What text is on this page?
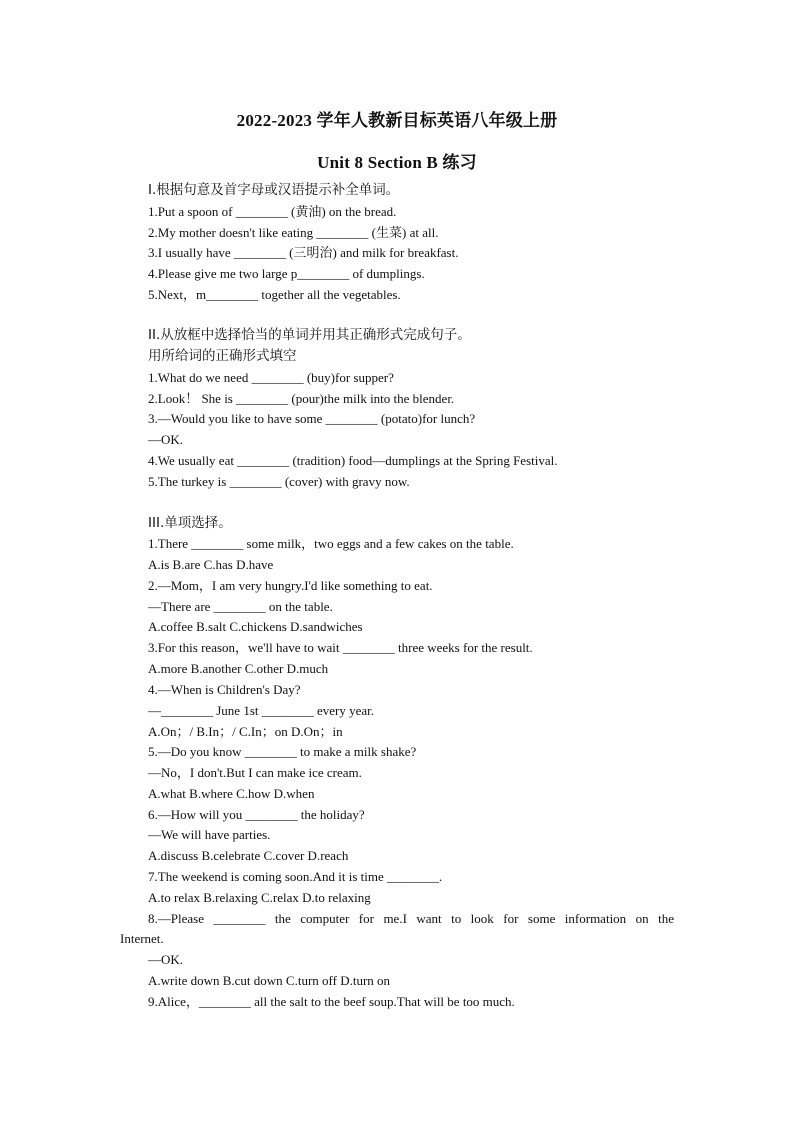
2022-2023 学年人教新目标英语八年级上册
Unit 8 Section B 练习
I.根据句意及首字母或汉语提示补全单词。
1.Put a spoon of ________ (黄油) on the bread.
2.My mother doesn't like eating ________ (生菜) at all.
3.I usually have ________ (三明治) and milk for breakfast.
4.Please give me two large p________ of dumplings.
5.Next，m________ together all the vegetables.
II.从放框中选择恰当的单词并用其正确形式完成句子。
用所给词的正确形式填空
1.What do we need ________ (buy)for supper?
2.Look！ She is ________ (pour)the milk into the blender.
3.—Would you like to have some ________ (potato)for lunch?
—OK.
4.We usually eat ________ (tradition) food—dumplings at the Spring Festival.
5.The turkey is ________ (cover) with gravy now.
III.单项选择。
1.There ________ some milk，two eggs and a few cakes on the table.
A.is B.are C.has D.have
2.—Mom，I am very hungry.I'd like something to eat.
—There are ________ on the table.
A.coffee B.salt C.chickens D.sandwiches
3.For this reason，we'll have to wait ________ three weeks for the result.
A.more B.another C.other D.much
4.—When is Children's Day?
—________ June 1st ________ every year.
A.On；/ B.In；/ C.In；on D.On；in
5.—Do you know ________ to make a milk shake?
—No，I don't.But I can make ice cream.
A.what B.where C.how D.when
6.—How will you ________ the holiday?
—We will have parties.
A.discuss B.celebrate C.cover D.reach
7.The weekend is coming soon.And it is time ________.
A.to relax B.relaxing C.relax D.to relaxing
8.—Please ________ the computer for me.I want to look for some information on the
Internet.
—OK.
A.write down B.cut down C.turn off D.turn on
9.Alice，________ all the salt to the beef soup.That will be too much.
